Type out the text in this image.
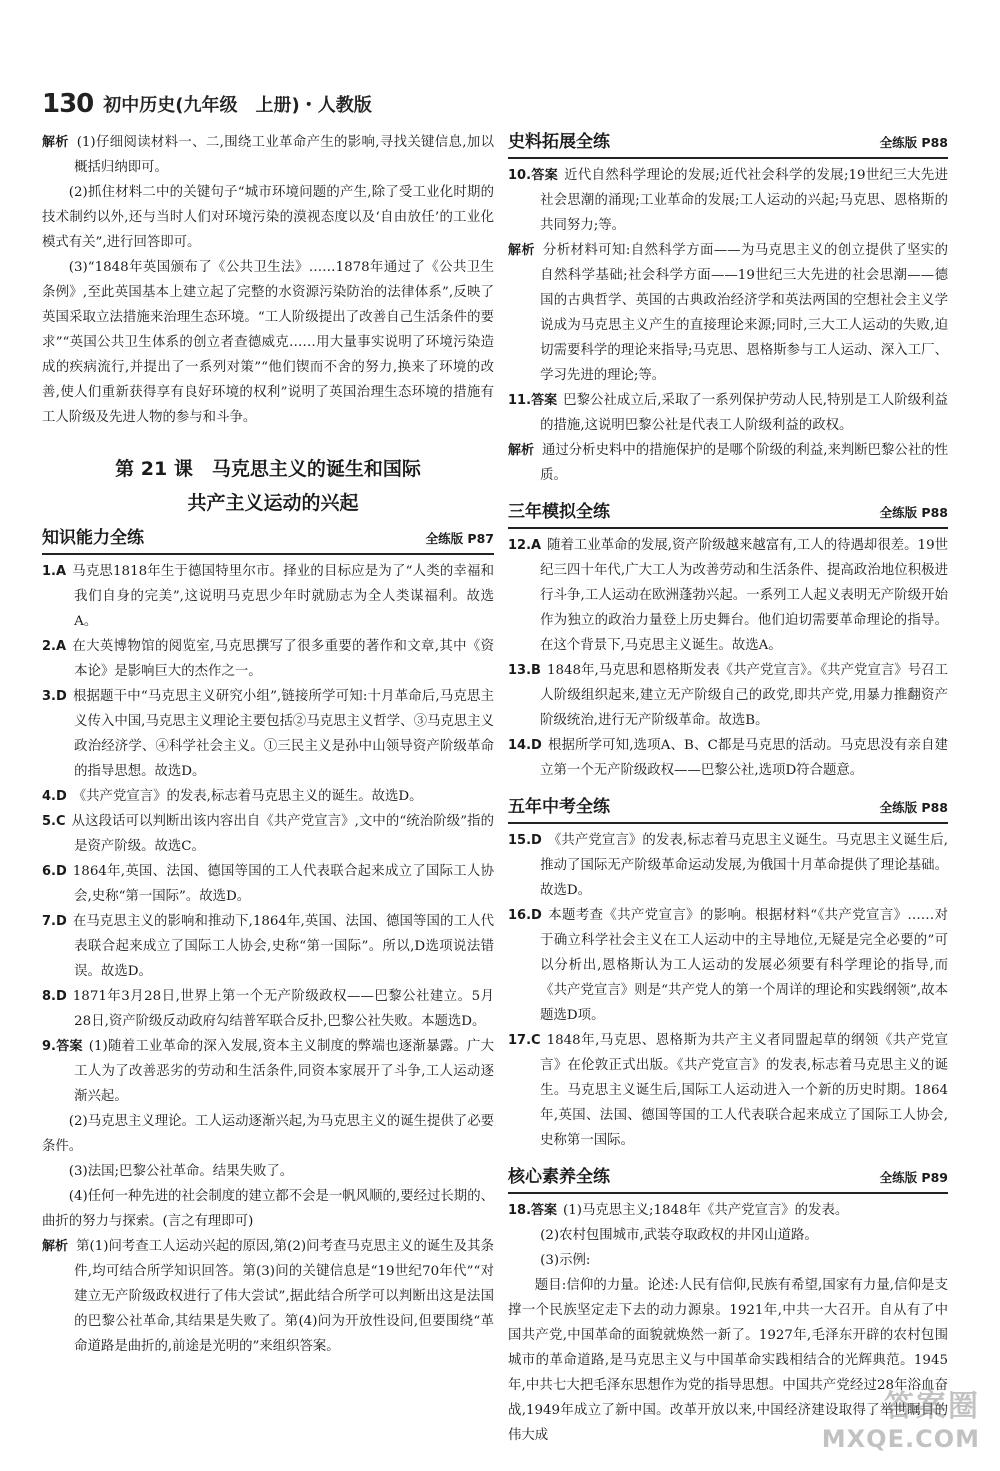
130 初中历史(九年级　上册)・人教版

解析 (1)仔细阅读材料一、二,围绕工业革命产生的影响,寻找关键信息,加以概括归纳即可。

(2)抓住材料二中的关键句子“城市环境问题的产生,除了受工业化时期的技术制约以外,还与当时人们对环境污染的漠视态度以及‘自由放任’的工业化模式有关”,进行回答即可。

(3)“1848年英国颁布了《公共卫生法》……1878年通过了《公共卫生条例》,至此英国基本上建立起了完整的水资源污染防治的法律体系”,反映了英国采取立法措施来治理生态环境。“工人阶级提出了改善自己生活条件的要求”“英国公共卫生体系的创立者查德威克……用大量事实说明了环境污染造成的疾病流行,并提出了一系列对策”“他们锲而不舍的努力,换来了环境的改善,使人们重新获得享有良好环境的权利”说明了英国治理生态环境的措施有工人阶级及先进人物的参与和斗争。

第 21 课　马克思主义的诞生和国际
共产主义运动的兴起
知识能力全练	全练版 P87

1.A 马克思1818年生于德国特里尔市。择业的目标应是为了“人类的幸福和我们自身的完美”,这说明马克思少年时就励志为全人类谋福利。故选A。

2.A 在大英博物馆的阅览室,马克思撰写了很多重要的著作和文章,其中《资本论》是影响巨大的杰作之一。

3.D 根据题干中“马克思主义研究小组”,链接所学可知:十月革命后,马克思主义传入中国,马克思主义理论主要包括②马克思主义哲学、③马克思主义政治经济学、④科学社会主义。①三民主义是孙中山领导资产阶级革命的指导思想。故选D。

4.D 《共产党宣言》的发表,标志着马克思主义的诞生。故选D。

5.C 从这段话可以判断出该内容出自《共产党宣言》,文中的“统治阶级”指的是资产阶级。故选C。

6.D 1864年,英国、法国、德国等国的工人代表联合起来成立了国际工人协会,史称“第一国际”。故选D。

7.D 在马克思主义的影响和推动下,1864年,英国、法国、德国等国的工人代表联合起来成立了国际工人协会,史称“第一国际”。所以,D选项说法错误。故选D。

8.D 1871年3月28日,世界上第一个无产阶级政权——巴黎公社建立。5月28日,资产阶级反动政府勾结普军联合反扑,巴黎公社失败。本题选D。

9.答案 (1)随着工业革命的深入发展,资本主义制度的弊端也逐渐暴露。广大工人为了改善恶劣的劳动和生活条件,同资本家展开了斗争,工人运动逐渐兴起。

(2)马克思主义理论。工人运动逐渐兴起,为马克思主义的诞生提供了必要条件。

(3)法国;巴黎公社革命。结果失败了。

(4)任何一种先进的社会制度的建立都不会是一帆风顺的,要经过长期的、曲折的努力与探索。(言之有理即可)

解析 第(1)问考查工人运动兴起的原因,第(2)问考查马克思主义的诞生及其条件,均可结合所学知识回答。第(3)问的关键信息是“19世纪70年代”“对建立无产阶级政权进行了伟大尝试”,据此结合所学可以判断出这是法国的巴黎公社革命,其结果是失败了。第(4)问为开放性设问,但要围绕“革命道路是曲折的,前途是光明的”来组织答案。

史料拓展全练	全练版 P88

10.答案 近代自然科学理论的发展;近代社会科学的发展;19世纪三大先进社会思潮的涌现;工业革命的发展;工人运动的兴起;马克思、恩格斯的共同努力;等。

解析 分析材料可知:自然科学方面——为马克思主义的创立提供了坚实的自然科学基础;社会科学方面——19世纪三大先进的社会思潮——德国的古典哲学、英国的古典政治经济学和英法两国的空想社会主义学说成为马克思主义产生的直接理论来源;同时,三大工人运动的失败,迫切需要科学的理论来指导;马克思、恩格斯参与工人运动、深入工厂、学习先进的理论;等。

11.答案 巴黎公社成立后,采取了一系列保护劳动人民,特别是工人阶级利益的措施,这说明巴黎公社是代表工人阶级利益的政权。

解析 通过分析史料中的措施保护的是哪个阶级的利益,来判断巴黎公社的性质。

三年模拟全练	全练版 P88

12.A 随着工业革命的发展,资产阶级越来越富有,工人的待遇却很差。19世纪三四十年代,广大工人为改善劳动和生活条件、提高政治地位积极进行斗争,工人运动在欧洲蓬勃兴起。一系列工人起义表明无产阶级开始作为独立的政治力量登上历史舞台。他们迫切需要革命理论的指导。在这个背景下,马克思主义诞生。故选A。

13.B 1848年,马克思和恩格斯发表《共产党宣言》。《共产党宣言》号召工人阶级组织起来,建立无产阶级自己的政党,即共产党,用暴力推翻资产阶级统治,进行无产阶级革命。故选B。

14.D 根据所学可知,选项A、B、C都是马克思的活动。马克思没有亲自建立第一个无产阶级政权——巴黎公社,选项D符合题意。

五年中考全练	全练版 P88

15.D 《共产党宣言》的发表,标志着马克思主义诞生。马克思主义诞生后,推动了国际无产阶级革命运动发展,为俄国十月革命提供了理论基础。故选D。

16.D 本题考查《共产党宣言》的影响。根据材料“《共产党宣言》……对于确立科学社会主义在工人运动中的主导地位,无疑是完全必要的”可以分析出,恩格斯认为工人运动的发展必须要有科学理论的指导,而《共产党宣言》则是“共产党人的第一个周详的理论和实践纲领”,故本题选D项。

17.C 1848年,马克思、恩格斯为共产主义者同盟起草的纲领《共产党宣言》在伦敦正式出版。《共产党宣言》的发表,标志着马克思主义的诞生。马克思主义诞生后,国际工人运动进入一个新的历史时期。1864年,英国、法国、德国等国的工人代表联合起来成立了国际工人协会,史称第一国际。

核心素养全练	全练版 P89

18.答案 (1)马克思主义;1848年《共产党宣言》的发表。

(2)农村包围城市,武装夺取政权的井冈山道路。

(3)示例:

题目:信仰的力量。论述:人民有信仰,民族有希望,国家有力量,信仰是支撑一个民族坚定走下去的动力源泉。1921年,中共一大召开。自从有了中国共产党,中国革命的面貌就焕然一新了。1927年,毛泽东开辟的农村包围城市的革命道路,是马克思主义与中国革命实践相结合的光辉典范。1945年,中共七大把毛泽东思想作为党的指导思想。中国共产党经过28年浴血奋战,1949年成立了新中国。改革开放以来,中国经济建设取得了举世瞩目的伟大成

答案圈
MXQE.COM
